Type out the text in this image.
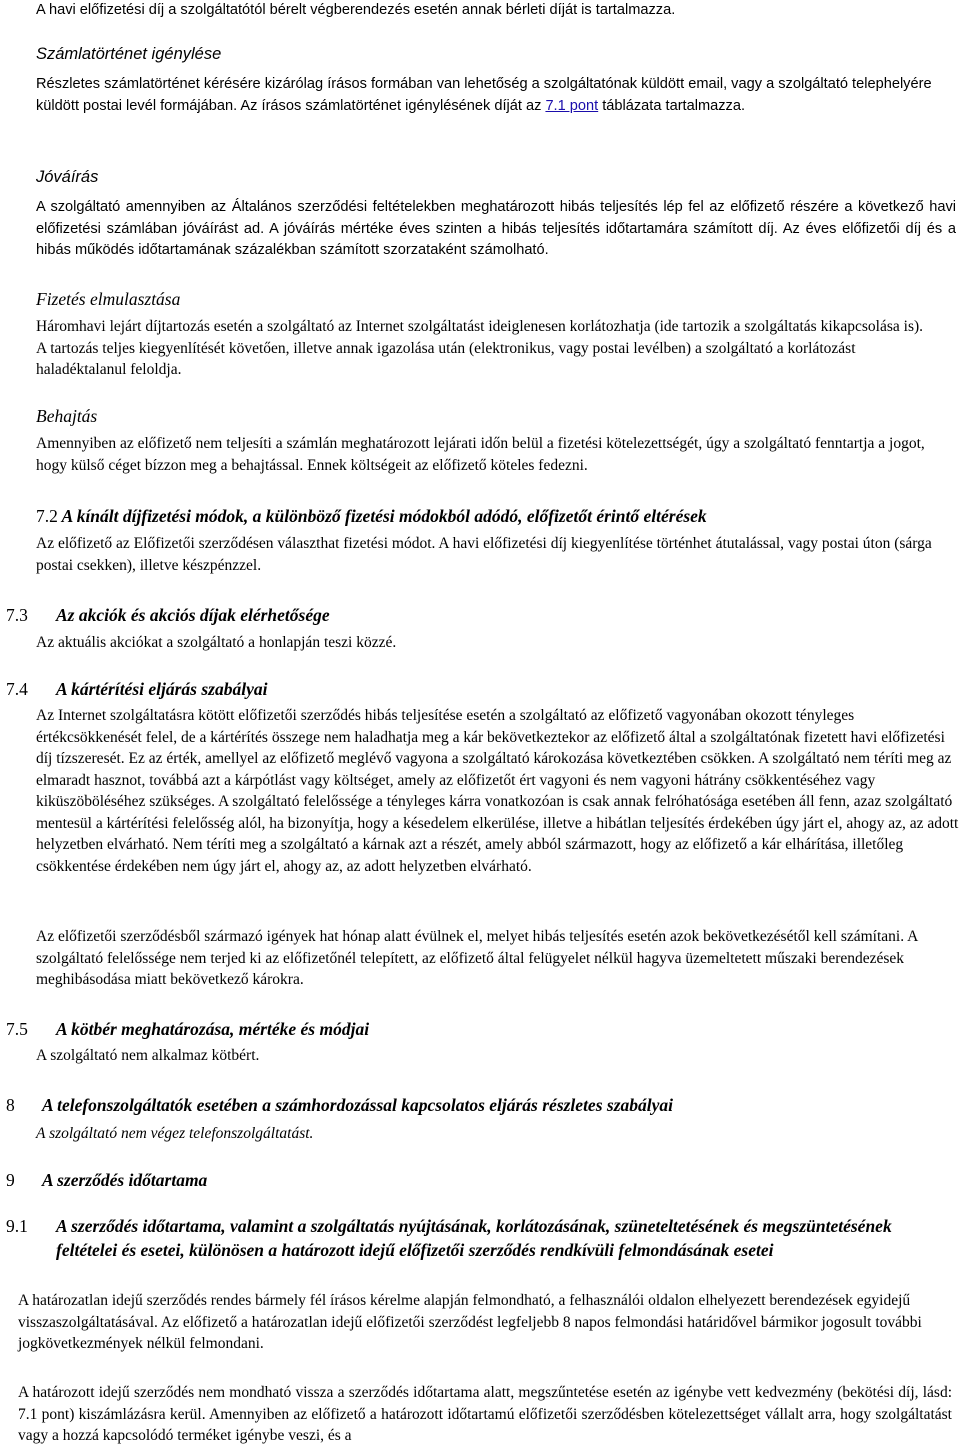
A havi előfizetési díj a szolgáltatótól bérelt végberendezés esetén annak bérleti díját is tartalmazza.

Számlatörténet igénylése

Részletes számlatörténet kérésére kizárólag írásos formában van lehetőség a szolgáltatónak küldött email, vagy a szolgáltató telephelyére küldött postai levél formájában. Az írásos számlatörténet igénylésének díját az 7.1 pont táblázata tartalmazza.

Jóváírás

A szolgáltató amennyiben az Általános szerződési feltételekben meghatározott hibás teljesítés lép fel az előfizető részére a következő havi előfizetési számlában jóváírást ad. A jóváírás mértéke éves szinten a hibás teljesítés időtartamára számított díj. Az éves előfizetői díj és a hibás működés időtartamának százalékban számított szorzataként számolható.

Fizetés elmulasztása

Háromhavi lejárt díjtartozás esetén a szolgáltató az Internet szolgáltatást ideiglenesen korlátozhatja (ide tartozik a szolgáltatás kikapcsolása is). A tartozás teljes kiegyenlítését követően, illetve annak igazolása után (elektronikus, vagy postai levélben) a szolgáltató a korlátozást haladéktalanul feloldja.

Behajtás

Amennyiben az előfizető nem teljesíti a számlán meghatározott lejárati időn belül a fizetési kötelezettségét, úgy a szolgáltató fenntartja a jogot, hogy külső céget bízzon meg a behajtással. Ennek költségeit az előfizető köteles fedezni.

7.2 A kínált díjfizetési módok, a különböző fizetési módokból adódó, előfizetőt érintő eltérések

Az előfizető az Előfizetői szerződésen választhat fizetési módot. A havi előfizetési díj kiegyenlítése történhet átutalással, vagy postai úton (sárga postai csekken), illetve készpénzzel.

7.3	Az akciók és akciós díjak elérhetősége

Az aktuális akciókat a szolgáltató a honlapján teszi közzé.

7.4	A kártérítési eljárás szabályai

Az Internet szolgáltatásra kötött előfizetői szerződés hibás teljesítése esetén a szolgáltató az előfizető vagyonában okozott tényleges értékcsökkenését felel, de a kártérítés összege nem haladhatja meg a kár bekövetkeztekor az előfizető által a szolgáltatónak fizetett havi előfizetési díj tízszeresét. Ez az érték, amellyel az előfizető meglévő vagyona a szolgáltató károkozása következtében csökken. A szolgáltató nem téríti meg az elmaradt hasznot, továbbá azt a kárpótlást vagy költséget, amely az előfizetőt ért vagyoni és nem vagyoni hátrány csökkentéséhez vagy kiküszöböléséhez szükséges. A szolgáltató felelőssége a tényleges kárra vonatkozóan is csak annak felróhatósága esetében áll fenn, azaz szolgáltató mentesül a kártérítési felelősség alól, ha bizonyítja, hogy a késedelem elkerülése, illetve a hibátlan teljesítés érdekében úgy járt el, ahogy az, az adott helyzetben elvárható. Nem téríti meg a szolgáltató a kárnak azt a részét, amely abból származott, hogy az előfizető a kár elhárítása, illetőleg csökkentése érdekében nem úgy járt el, ahogy az, az adott helyzetben elvárható.

Az előfizetői szerződésből származó igények hat hónap alatt évülnek el, melyet hibás teljesítés esetén azok bekövetkezésétől kell számítani. A szolgáltató felelőssége nem terjed ki az előfizetőnél telepített, az előfizető által felügyelet nélkül hagyva üzemeltetett műszaki berendezések meghibásodása miatt bekövetkező károkra.

7.5	A kötbér meghatározása, mértéke és módjai

A szolgáltató nem alkalmaz kötbért.

8	A telefonszolgáltatók esetében a számhordozással kapcsolatos eljárás részletes szabályai

A szolgáltató nem végez telefonszolgáltatást.

9	A szerződés időtartama
9.1	A szerződés időtartama, valamint a szolgáltatás nyújtásának, korlátozásának, szüneteltetésének és megszüntetésének feltételei és esetei, különösen a határozott idejű előfizetői szerződés rendkívüli felmondásának esetei

A határozatlan idejű szerződés rendes bármely fél írásos kérelme alapján felmondható, a felhasználói oldalon elhelyezett berendezések egyidejű visszaszolgáltatásával. Az előfizető a határozatlan idejű előfizetői szerződést legfeljebb 8 napos felmondási határidővel bármikor jogosult további jogkövetkezmények nélkül felmondani.

A határozott idejű szerződés nem mondható vissza a szerződés időtartama alatt, megszűntetése esetén az igénybe vett kedvezmény (bekötési díj, lásd: 7.1 pont) kiszámlázásra kerül. Amennyiben az előfizető a határozott időtartamú előfizetői szerződésben kötelezettséget vállalt arra, hogy szolgáltatást vagy a hozzá kapcsolódó terméket igénybe veszi, és a
